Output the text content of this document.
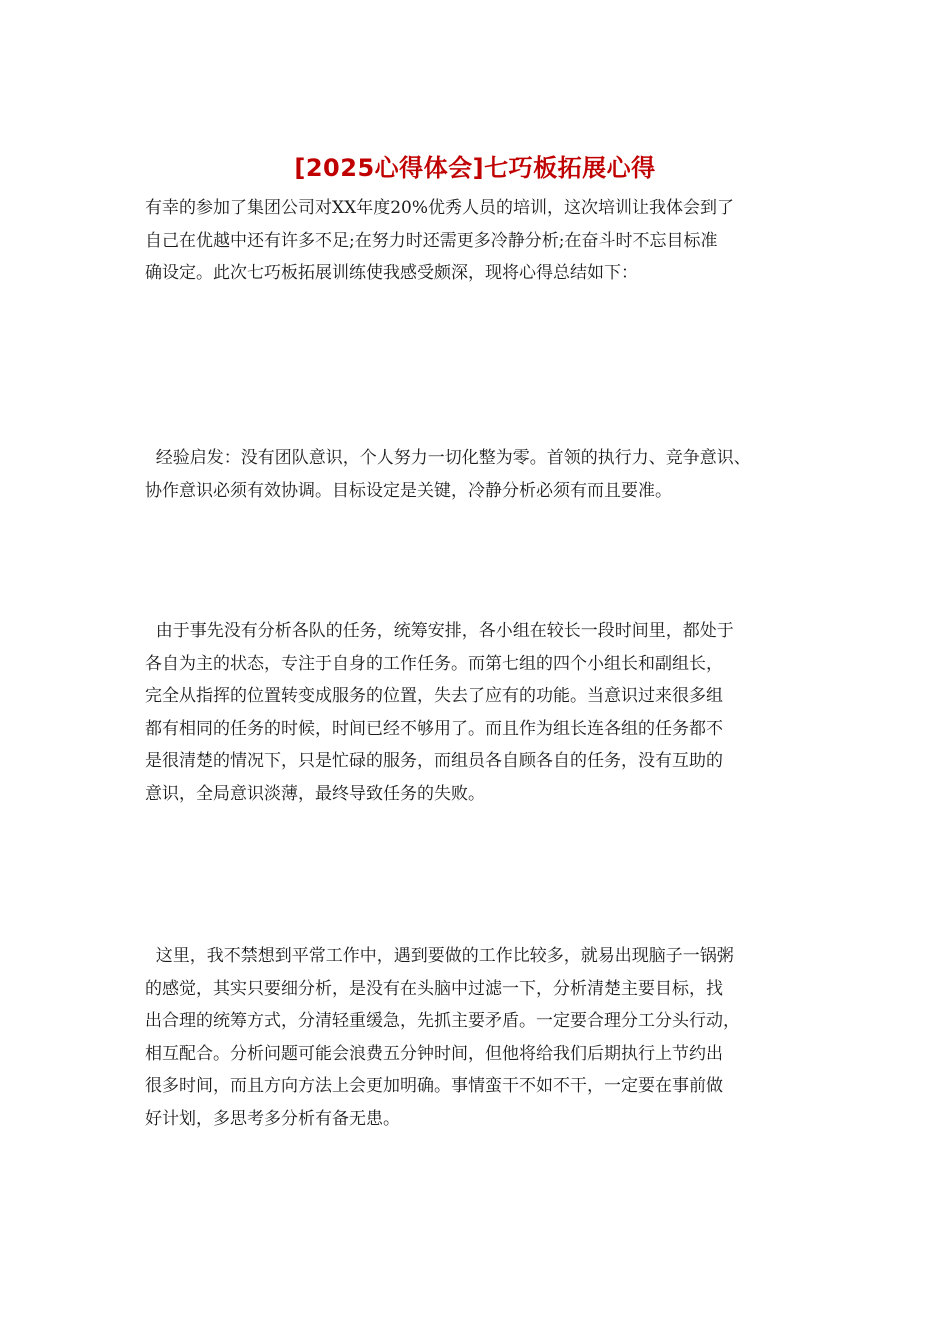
[2025心得体会]七巧板拓展心得
有幸的参加了集团公司对XX年度20%优秀人员的培训，这次培训让我体会到了
自己在优越中还有许多不足;在努力时还需更多冷静分析;在奋斗时不忘目标准
确设定。此次七巧板拓展训练使我感受颇深，现将心得总结如下：
经验启发：没有团队意识，个人努力一切化整为零。首领的执行力、竞争意识、
协作意识必须有效协调。目标设定是关键，冷静分析必须有而且要准。
由于事先没有分析各队的任务，统筹安排，各小组在较长一段时间里，都处于
各自为主的状态，专注于自身的工作任务。而第七组的四个小组长和副组长，
完全从指挥的位置转变成服务的位置，失去了应有的功能。当意识过来很多组
都有相同的任务的时候，时间已经不够用了。而且作为组长连各组的任务都不
是很清楚的情况下，只是忙碌的服务，而组员各自顾各自的任务，没有互助的
意识，全局意识淡薄，最终导致任务的失败。
这里，我不禁想到平常工作中，遇到要做的工作比较多，就易出现脑子一锅粥
的感觉，其实只要细分析，是没有在头脑中过滤一下，分析清楚主要目标，找
出合理的统筹方式，分清轻重缓急，先抓主要矛盾。一定要合理分工分头行动，
相互配合。分析问题可能会浪费五分钟时间，但他将给我们后期执行上节约出
很多时间，而且方向方法上会更加明确。事情蛮干不如不干，一定要在事前做
好计划，多思考多分析有备无患。
